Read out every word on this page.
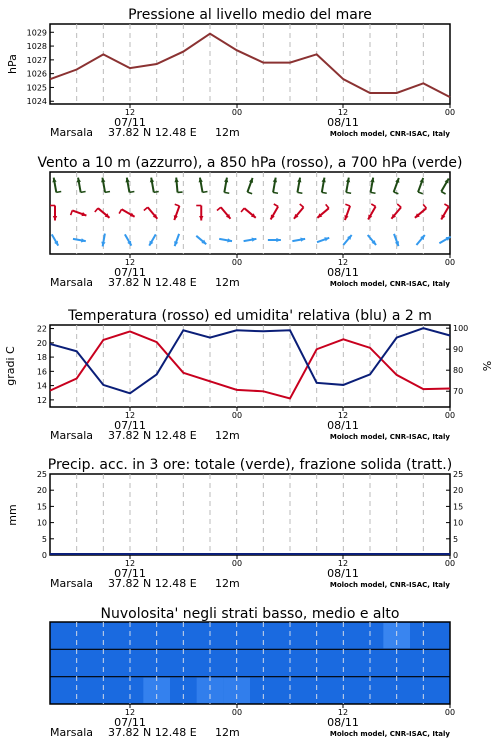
Pressione al livello medio del mare
1024
1025
1026
1027
1028
1029
hPa
12	00	12	00
07/11	08/11
Marsala 37.82 N 12.48 E 12m	Moloch model, CNR-ISAC, Italy
Vento a 10 m (azzurro), a 850 hPa (rosso), a 700 hPa (verde)
12	00	12	00
07/11	08/11
Marsala 37.82 N 12.48 E 12m	Moloch model, CNR-ISAC, Italy
Temperatura (rosso) ed umidita' relativa (blu) a 2 m
12
14
16
18
20
22
70
80
90
100
gradi C	%
12	00	12	00
07/11	08/11
Marsala 37.82 N 12.48 E 12m	Moloch model, CNR-ISAC, Italy
Precip. acc. in 3 ore: totale (verde), frazione solida (tratt.)
0	0
5	5
10	10
15	15
20	20
25	25
mm
12	00	12	00
07/11	08/11
Marsala 37.82 N 12.48 E 12m	Moloch model, CNR-ISAC, Italy
Nuvolosita' negli strati basso, medio e alto
12	00	12	00
07/11	08/11
Marsala 37.82 N 12.48 E 12m	Moloch model, CNR-ISAC, Italy
